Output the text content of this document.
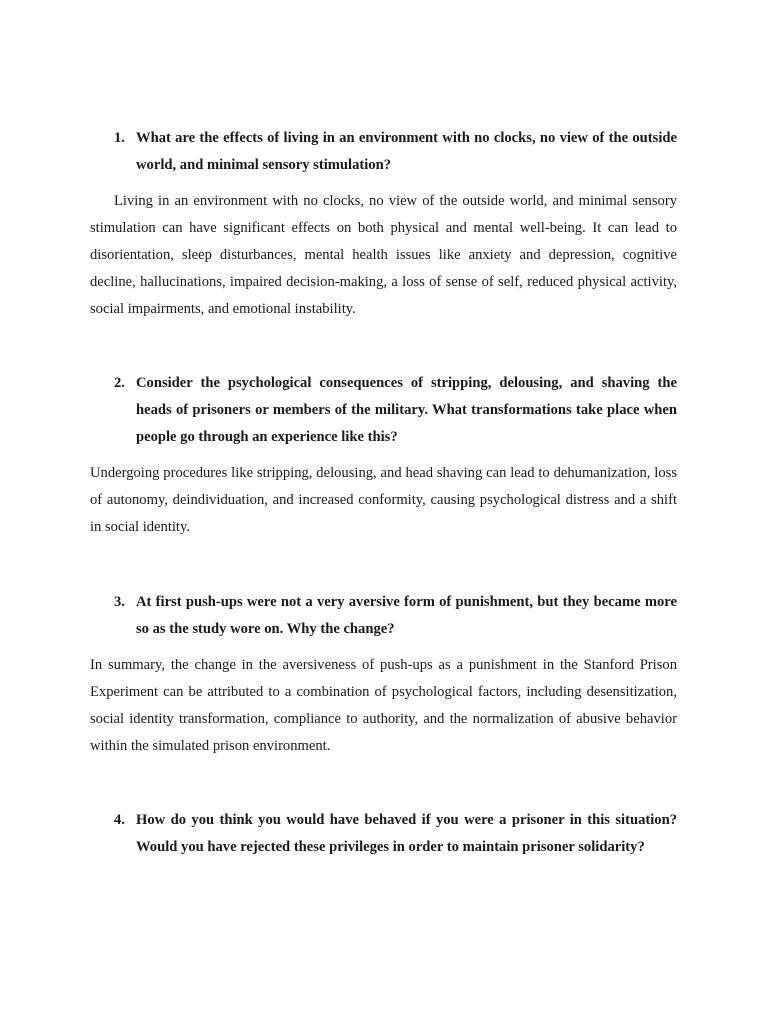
1. What are the effects of living in an environment with no clocks, no view of the outside world, and minimal sensory stimulation?

Living in an environment with no clocks, no view of the outside world, and minimal sensory stimulation can have significant effects on both physical and mental well-being. It can lead to disorientation, sleep disturbances, mental health issues like anxiety and depression, cognitive decline, hallucinations, impaired decision-making, a loss of sense of self, reduced physical activity, social impairments, and emotional instability.

2. Consider the psychological consequences of stripping, delousing, and shaving the heads of prisoners or members of the military. What transformations take place when people go through an experience like this?

Undergoing procedures like stripping, delousing, and head shaving can lead to dehumanization, loss of autonomy, deindividuation, and increased conformity, causing psychological distress and a shift in social identity.

3. At first push-ups were not a very aversive form of punishment, but they became more so as the study wore on. Why the change?

In summary, the change in the aversiveness of push-ups as a punishment in the Stanford Prison Experiment can be attributed to a combination of psychological factors, including desensitization, social identity transformation, compliance to authority, and the normalization of abusive behavior within the simulated prison environment.

4. How do you think you would have behaved if you were a prisoner in this situation? Would you have rejected these privileges in order to maintain prisoner solidarity?
